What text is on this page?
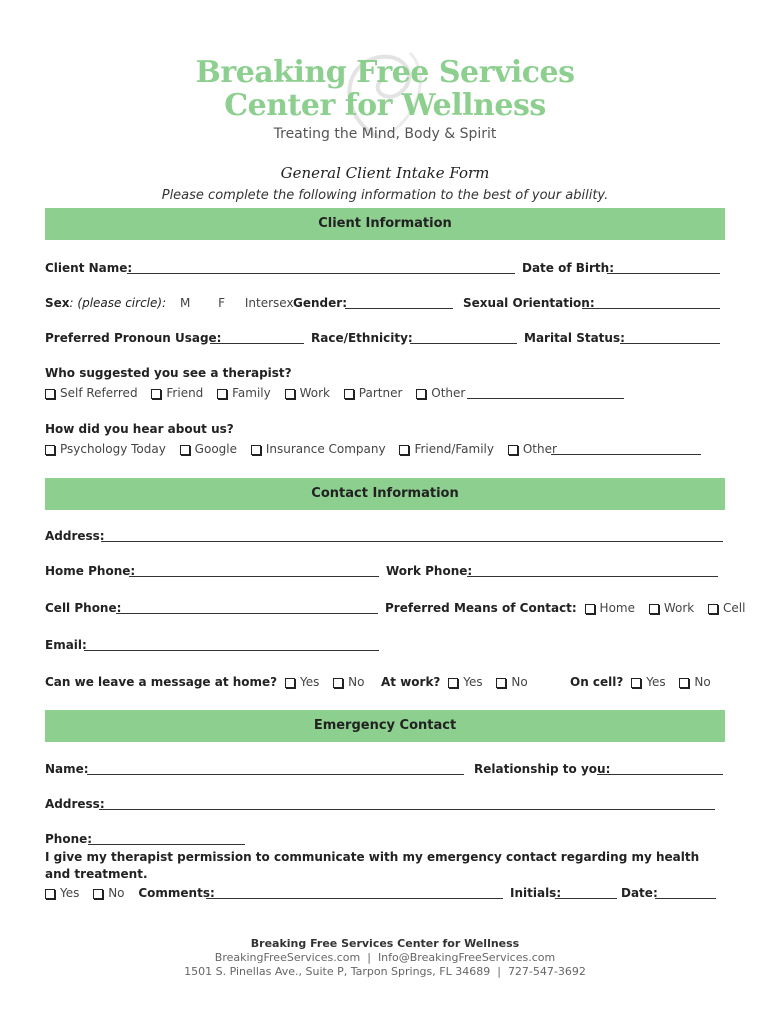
Breaking Free Services
Center for Wellness
Treating the Mind, Body & Spirit
General Client Intake Form
Please complete the following information to the best of your ability.
Client Information
Client Name:	Date of Birth:
Sex: (please circle): M F Intersex Gender:	Sexual Orientation:
Preferred Pronoun Usage:	Race/Ethnicity:	Marital Status:
Who suggested you see a therapist?
Self Referred Friend Family Work Partner Other
How did you hear about us?
Psychology Today Google Insurance Company Friend/Family Other
Contact Information
Address:
Home Phone:	Work Phone:
Cell Phone:	Preferred Means of Contact: Home Work Cell
Email:
Can we leave a message at home? Yes No	At work? Yes No	On cell? Yes No
Emergency Contact
Name:	Relationship to you:
Address:
Phone:
I give my therapist permission to communicate with my emergency contact regarding my health and treatment.
Yes No Comments:	Initials:	Date:
Breaking Free Services Center for Wellness
BreakingFreeServices.com | Info@BreakingFreeServices.com
1501 S. Pinellas Ave., Suite P, Tarpon Springs, FL 34689 | 727-547-3692
